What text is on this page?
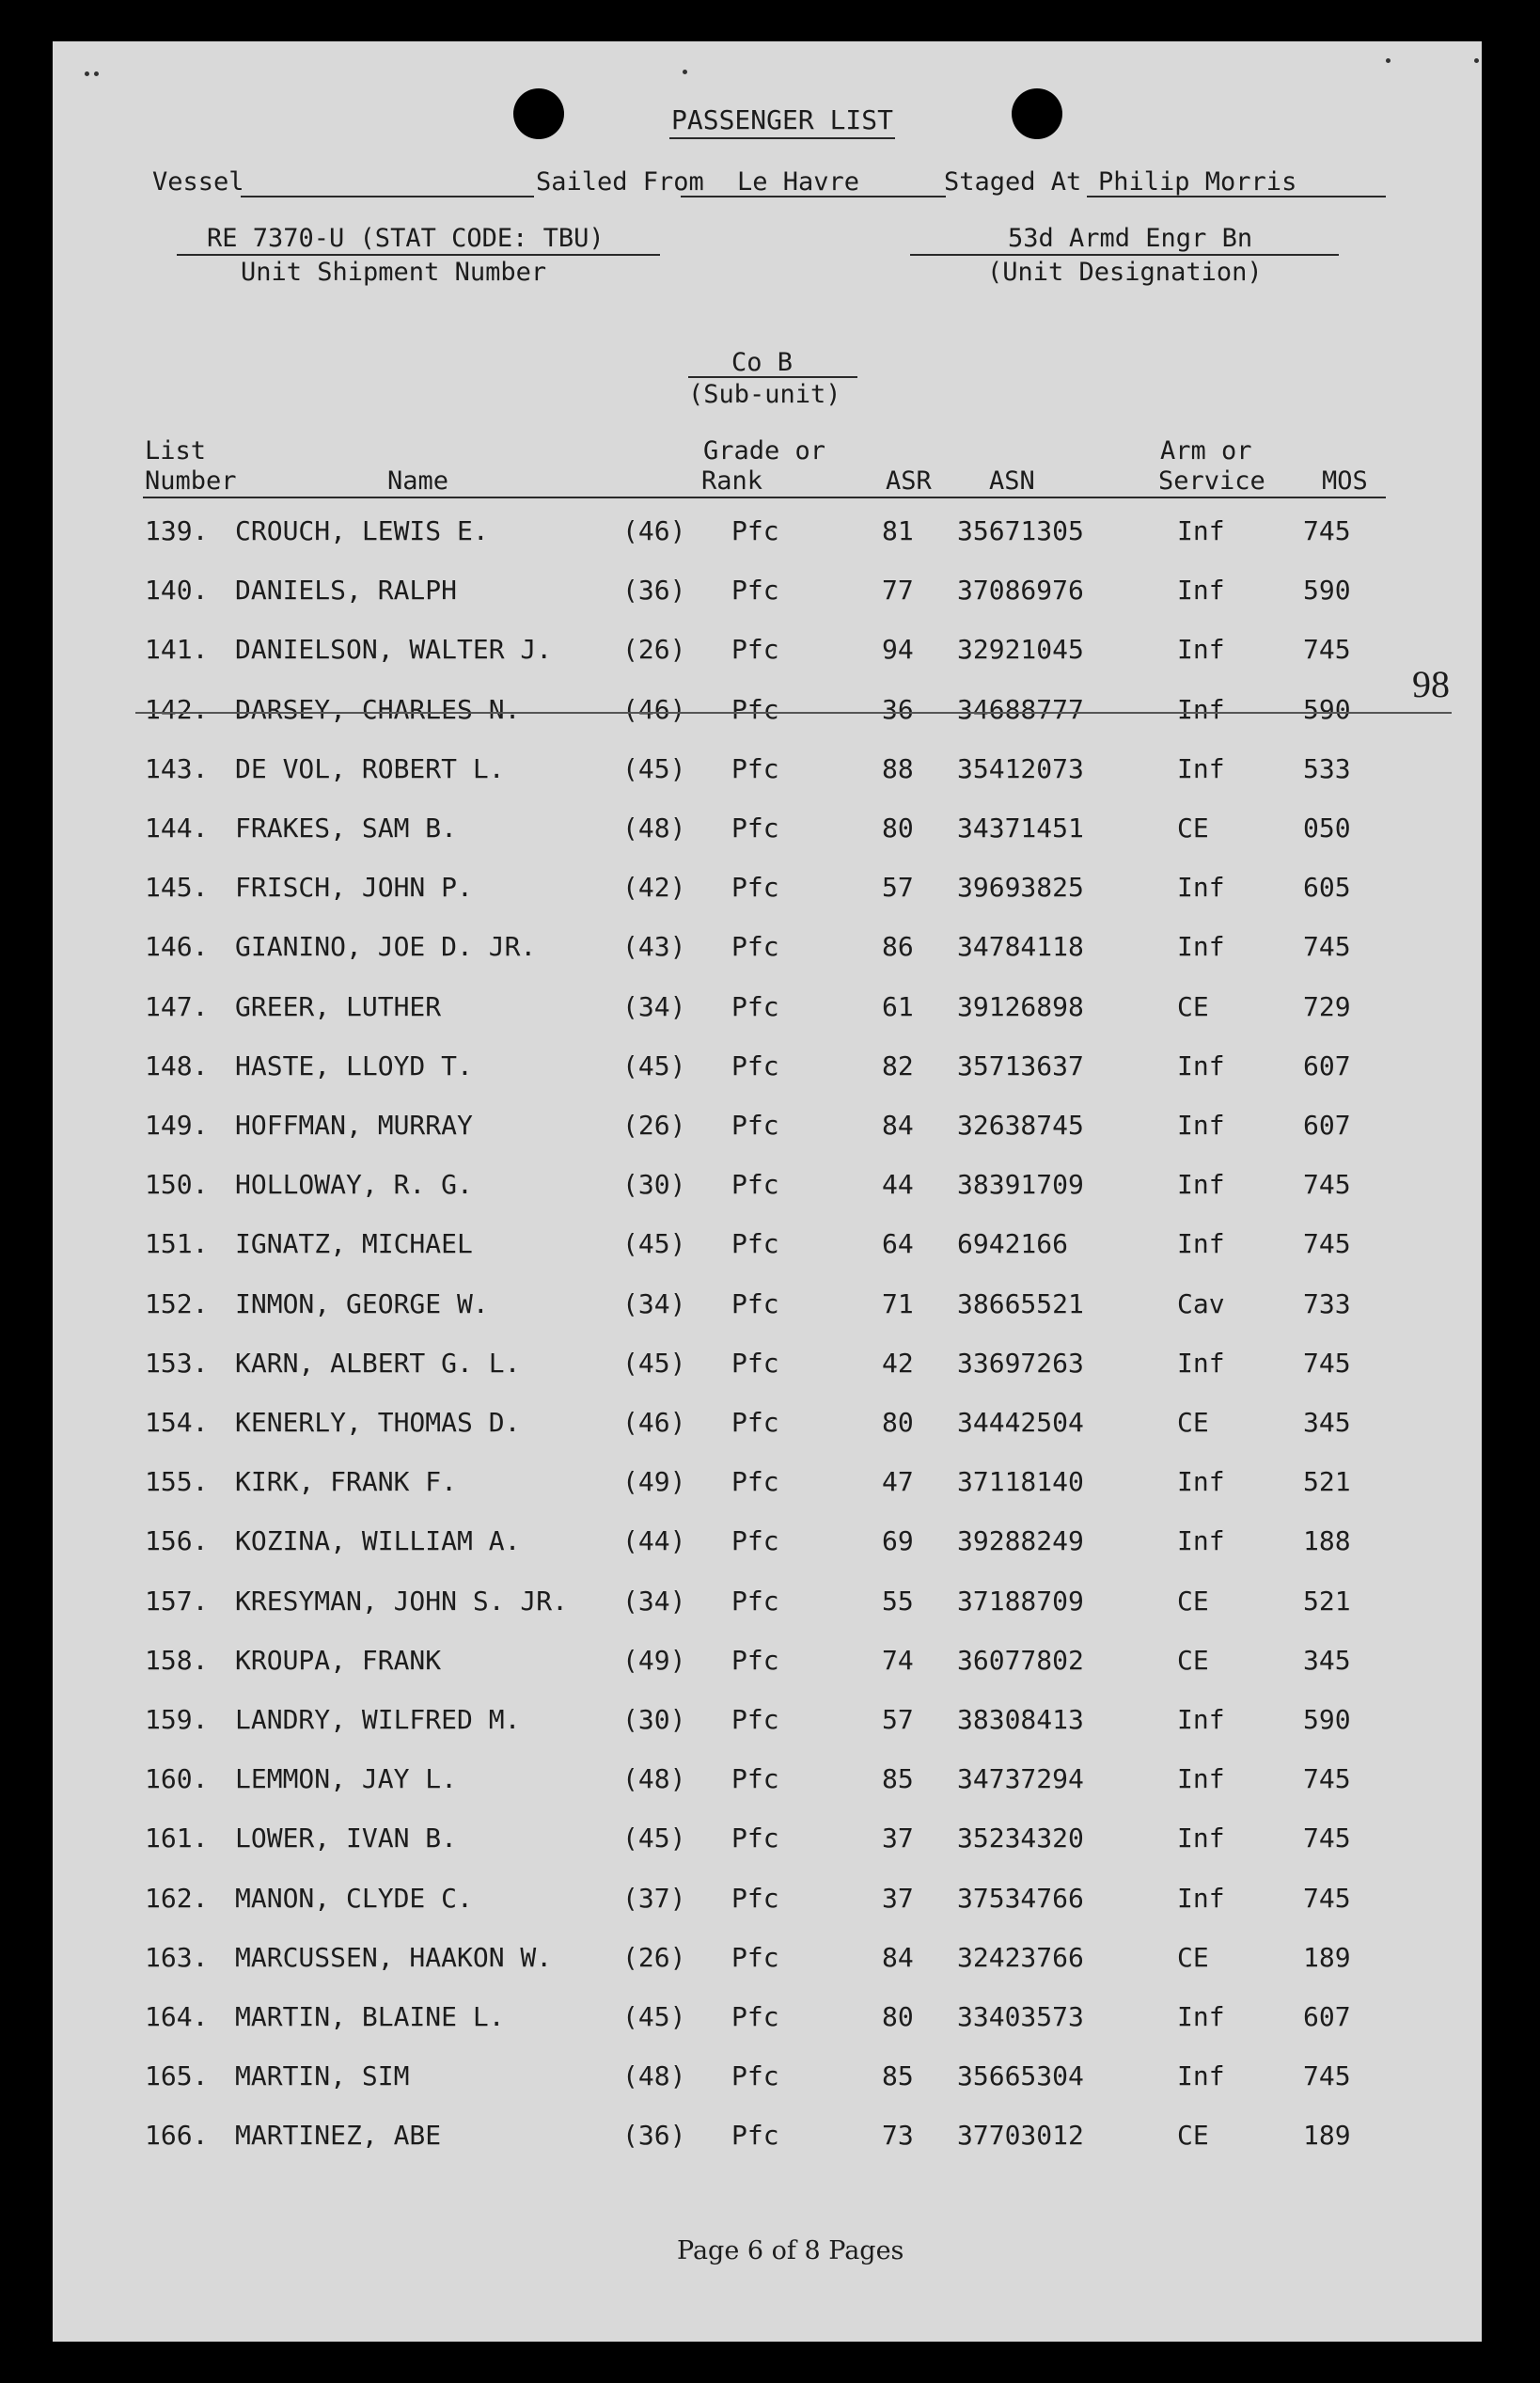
PASSENGER LIST
Vessel	Sailed From Le Havre	Staged At Philip Morris
RE 7370-U (STAT CODE: TBU)
Unit Shipment Number
53d Armd Engr Bn
(Unit Designation)
Co B
(Sub-unit)
98
List
Number	Name
Grade or
Rank	ASR ASN
Arm or
Service MOS
139. CROUCH, LEWIS E.	(46) Pfc	81 35671305	Inf	745
140. DANIELS, RALPH	(36) Pfc	77 37086976	Inf	590
141. DANIELSON, WALTER J.	(26) Pfc	94 32921045	Inf	745
142. DARSEY, CHARLES N.	(46) Pfc	36 34688777	Inf	590
143. DE VOL, ROBERT L.	(45) Pfc	88 35412073	Inf	533
144. FRAKES, SAM B.	(48) Pfc	80 34371451	CE	050
145. FRISCH, JOHN P.	(42) Pfc	57 39693825	Inf	605
146. GIANINO, JOE D. JR.	(43) Pfc	86 34784118	Inf	745
147. GREER, LUTHER	(34) Pfc	61 39126898	CE	729
148. HASTE, LLOYD T.	(45) Pfc	82 35713637	Inf	607
149. HOFFMAN, MURRAY	(26) Pfc	84 32638745	Inf	607
150. HOLLOWAY, R. G.	(30) Pfc	44 38391709	Inf	745
151. IGNATZ, MICHAEL	(45) Pfc	64 6942166	Inf	745
152. INMON, GEORGE W.	(34) Pfc	71 38665521	Cav	733
153. KARN, ALBERT G. L.	(45) Pfc	42 33697263	Inf	745
154. KENERLY, THOMAS D.	(46) Pfc	80 34442504	CE	345
155. KIRK, FRANK F.	(49) Pfc	47 37118140	Inf	521
156. KOZINA, WILLIAM A.	(44) Pfc	69 39288249	Inf	188
157. KRESYMAN, JOHN S. JR. (34) Pfc	55 37188709	CE	521
158. KROUPA, FRANK	(49) Pfc	74 36077802	CE	345
159. LANDRY, WILFRED M.	(30) Pfc	57 38308413	Inf	590
160. LEMMON, JAY L.	(48) Pfc	85 34737294	Inf	745
161. LOWER, IVAN B.	(45) Pfc	37 35234320	Inf	745
162. MANON, CLYDE C.	(37) Pfc	37 37534766	Inf	745
163. MARCUSSEN, HAAKON W.	(26) Pfc	84 32423766	CE	189
164. MARTIN, BLAINE L.	(45) Pfc	80 33403573	Inf	607
165. MARTIN, SIM	(48) Pfc	85 35665304	Inf	745
166. MARTINEZ, ABE	(36) Pfc	73 37703012	CE	189
Page 6 of 8 Pages
